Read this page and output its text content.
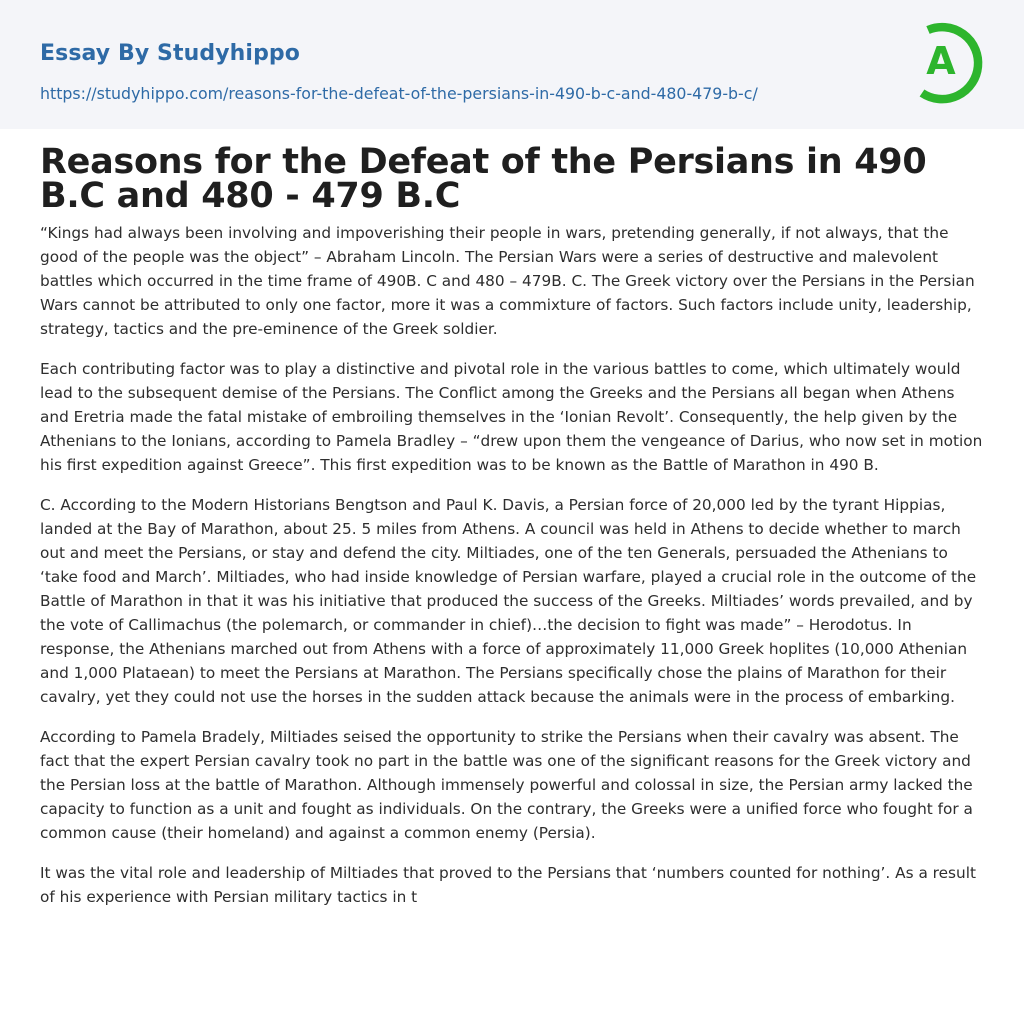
Essay By Studyhippo
https://studyhippo.com/reasons-for-the-defeat-of-the-persians-in-490-b-c-and-480-479-b-c/
A
Reasons for the Defeat of the Persians in 490 B.C and 480 - 479 B.C

“Kings had always been involving and impoverishing their people in wars, pretending generally, if not always, that the good of the people was the object” – Abraham Lincoln. The Persian Wars were a series of destructive and malevolent battles which occurred in the time frame of 490B. C and 480 – 479B. C. The Greek victory over the Persians in the Persian Wars cannot be attributed to only one factor, more it was a commixture of factors. Such factors include unity, leadership, strategy, tactics and the pre-eminence of the Greek soldier.

Each contributing factor was to play a distinctive and pivotal role in the various battles to come, which ultimately would lead to the subsequent demise of the Persians. The Conflict among the Greeks and the Persians all began when Athens and Eretria made the fatal mistake of embroiling themselves in the ‘Ionian Revolt’. Consequently, the help given by the Athenians to the Ionians, according to Pamela Bradley – “drew upon them the vengeance of Darius, who now set in motion his first expedition against Greece”. This first expedition was to be known as the Battle of Marathon in 490 B.

C. According to the Modern Historians Bengtson and Paul K. Davis, a Persian force of 20,000 led by the tyrant Hippias, landed at the Bay of Marathon, about 25. 5 miles from Athens. A council was held in Athens to decide whether to march out and meet the Persians, or stay and defend the city. Miltiades, one of the ten Generals, persuaded the Athenians to ‘take food and March’. Miltiades, who had inside knowledge of Persian warfare, played a crucial role in the outcome of the Battle of Marathon in that it was his initiative that produced the success of the Greeks. Miltiades’ words prevailed, and by the vote of Callimachus (the polemarch, or commander in chief)…the decision to fight was made” – Herodotus. In response, the Athenians marched out from Athens with a force of approximately 11,000 Greek hoplites (10,000 Athenian and 1,000 Plataean) to meet the Persians at Marathon. The Persians specifically chose the plains of Marathon for their cavalry, yet they could not use the horses in the sudden attack because the animals were in the process of embarking.

According to Pamela Bradely, Miltiades seised the opportunity to strike the Persians when their cavalry was absent. The fact that the expert Persian cavalry took no part in the battle was one of the significant reasons for the Greek victory and the Persian loss at the battle of Marathon. Although immensely powerful and colossal in size, the Persian army lacked the capacity to function as a unit and fought as individuals. On the contrary, the Greeks were a unified force who fought for a common cause (their homeland) and against a common enemy (Persia).

It was the vital role and leadership of Miltiades that proved to the Persians that ‘numbers counted for nothing’. As a result of his experience with Persian military tactics in t
